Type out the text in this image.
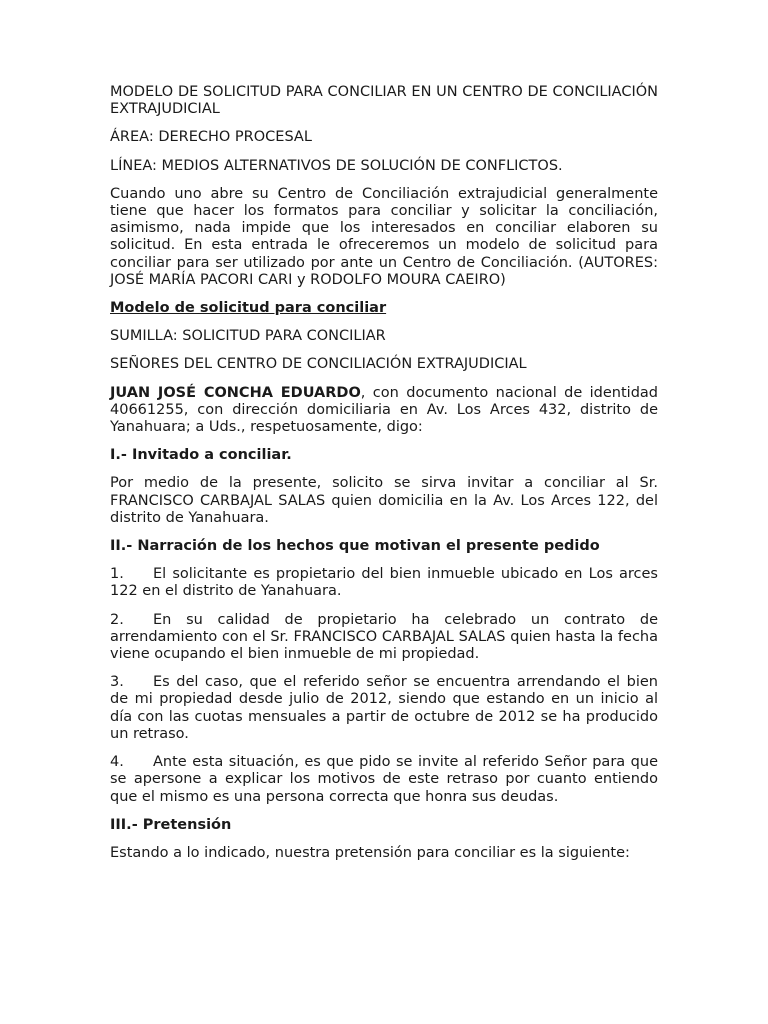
MODELO DE SOLICITUD PARA CONCILIAR EN UN CENTRO DE CONCILIACIÓN EXTRAJUDICIAL

ÁREA: DERECHO PROCESAL

LÍNEA: MEDIOS ALTERNATIVOS DE SOLUCIÓN DE CONFLICTOS.

Cuando uno abre su Centro de Conciliación extrajudicial generalmente tiene que hacer los formatos para conciliar y solicitar la conciliación, asimismo, nada impide que los interesados en conciliar elaboren su solicitud. En esta entrada le ofreceremos un modelo de solicitud para conciliar para ser utilizado por ante un Centro de Conciliación. (AUTORES: JOSÉ MARÍA PACORI CARI y RODOLFO MOURA CAEIRO)

Modelo de solicitud para conciliar

SUMILLA: SOLICITUD PARA CONCILIAR

SEÑORES DEL CENTRO DE CONCILIACIÓN EXTRAJUDICIAL

JUAN JOSÉ CONCHA EDUARDO, con documento nacional de identidad 40661255, con dirección domiciliaria en Av. Los Arces 432, distrito de Yanahuara; a Uds., respetuosamente, digo:

I.- Invitado a conciliar.

Por medio de la presente, solicito se sirva invitar a conciliar al Sr. FRANCISCO CARBAJAL SALAS quien domicilia en la Av. Los Arces 122, del distrito de Yanahuara.

II.- Narración de los hechos que motivan el presente pedido

1. El solicitante es propietario del bien inmueble ubicado en Los arces 122 en el distrito de Yanahuara.

2. En su calidad de propietario ha celebrado un contrato de arrendamiento con el Sr. FRANCISCO CARBAJAL SALAS quien hasta la fecha viene ocupando el bien inmueble de mi propiedad.

3. Es del caso, que el referido señor se encuentra arrendando el bien de mi propiedad desde julio de 2012, siendo que estando en un inicio al día con las cuotas mensuales a partir de octubre de 2012 se ha producido un retraso.

4. Ante esta situación, es que pido se invite al referido Señor para que se apersone a explicar los motivos de este retraso por cuanto entiendo que el mismo es una persona correcta que honra sus deudas.

III.- Pretensión

Estando a lo indicado, nuestra pretensión para conciliar es la siguiente:
